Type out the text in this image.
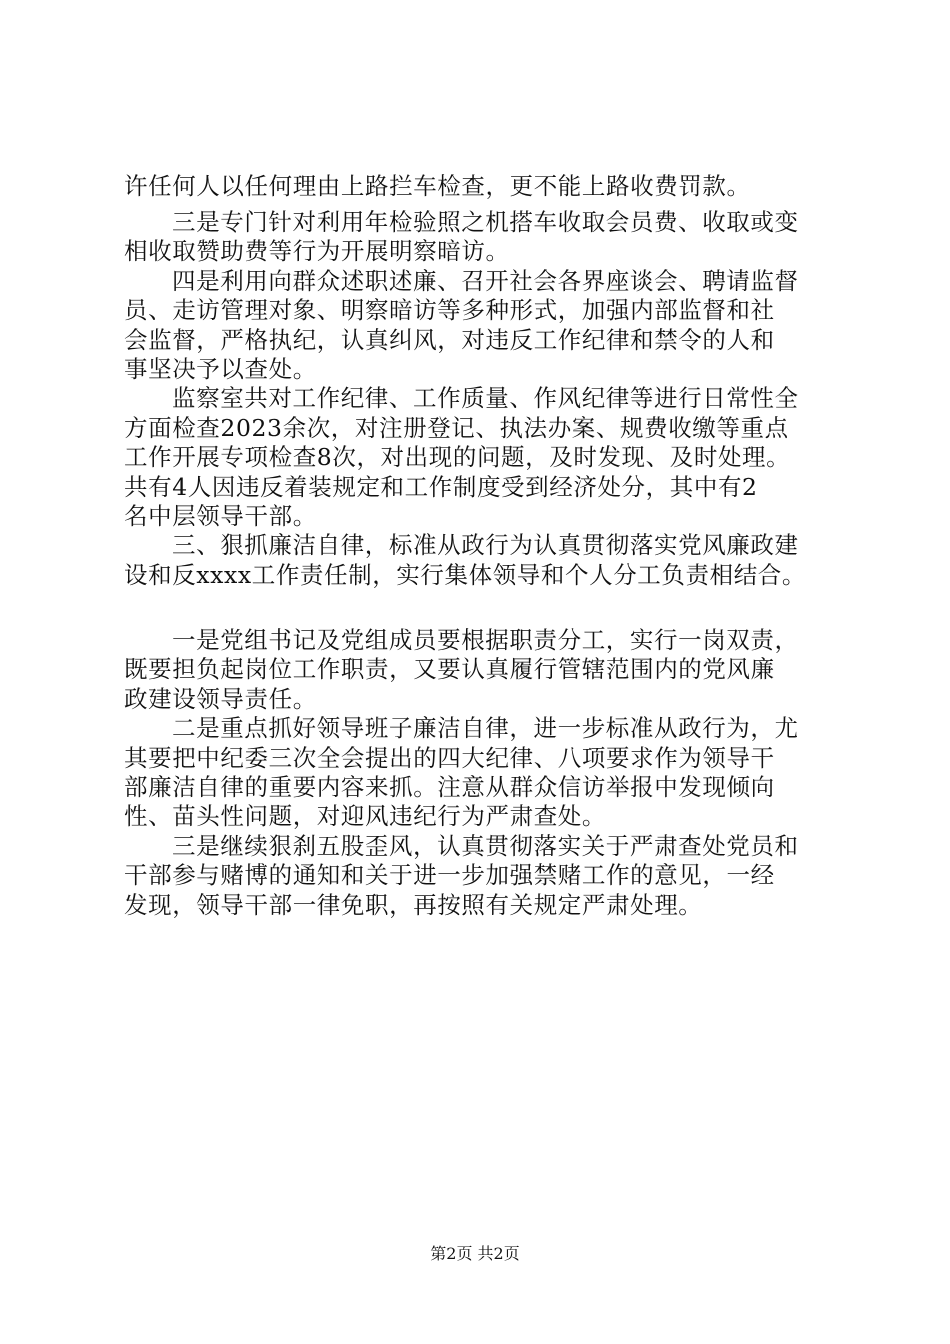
许任何人以任何理由上路拦车检查，更不能上路收费罚款。
三是专门针对利用年检验照之机搭车收取会员费、收取或变
相收取赞助费等行为开展明察暗访。
四是利用向群众述职述廉、召开社会各界座谈会、聘请监督
员、走访管理对象、明察暗访等多种形式，加强内部监督和社
会监督，严格执纪，认真纠风，对违反工作纪律和禁令的人和
事坚决予以查处。
监察室共对工作纪律、工作质量、作风纪律等进行日常性全
方面检查2023余次，对注册登记、执法办案、规费收缴等重点
工作开展专项检查8次，对出现的问题，及时发现、及时处理。
共有4人因违反着装规定和工作制度受到经济处分，其中有2
名中层领导干部。
三、狠抓廉洁自律，标准从政行为认真贯彻落实党风廉政建
设和反xxxx工作责任制，实行集体领导和个人分工负责相结合。
一是党组书记及党组成员要根据职责分工，实行一岗双责，
既要担负起岗位工作职责，又要认真履行管辖范围内的党风廉
政建设领导责任。
二是重点抓好领导班子廉洁自律，进一步标准从政行为，尤
其要把中纪委三次全会提出的四大纪律、八项要求作为领导干
部廉洁自律的重要内容来抓。注意从群众信访举报中发现倾向
性、苗头性问题，对迎风违纪行为严肃查处。
三是继续狠刹五股歪风，认真贯彻落实关于严肃查处党员和
干部参与赌博的通知和关于进一步加强禁赌工作的意见，一经
发现，领导干部一律免职，再按照有关规定严肃处理。
第2页 共2页
